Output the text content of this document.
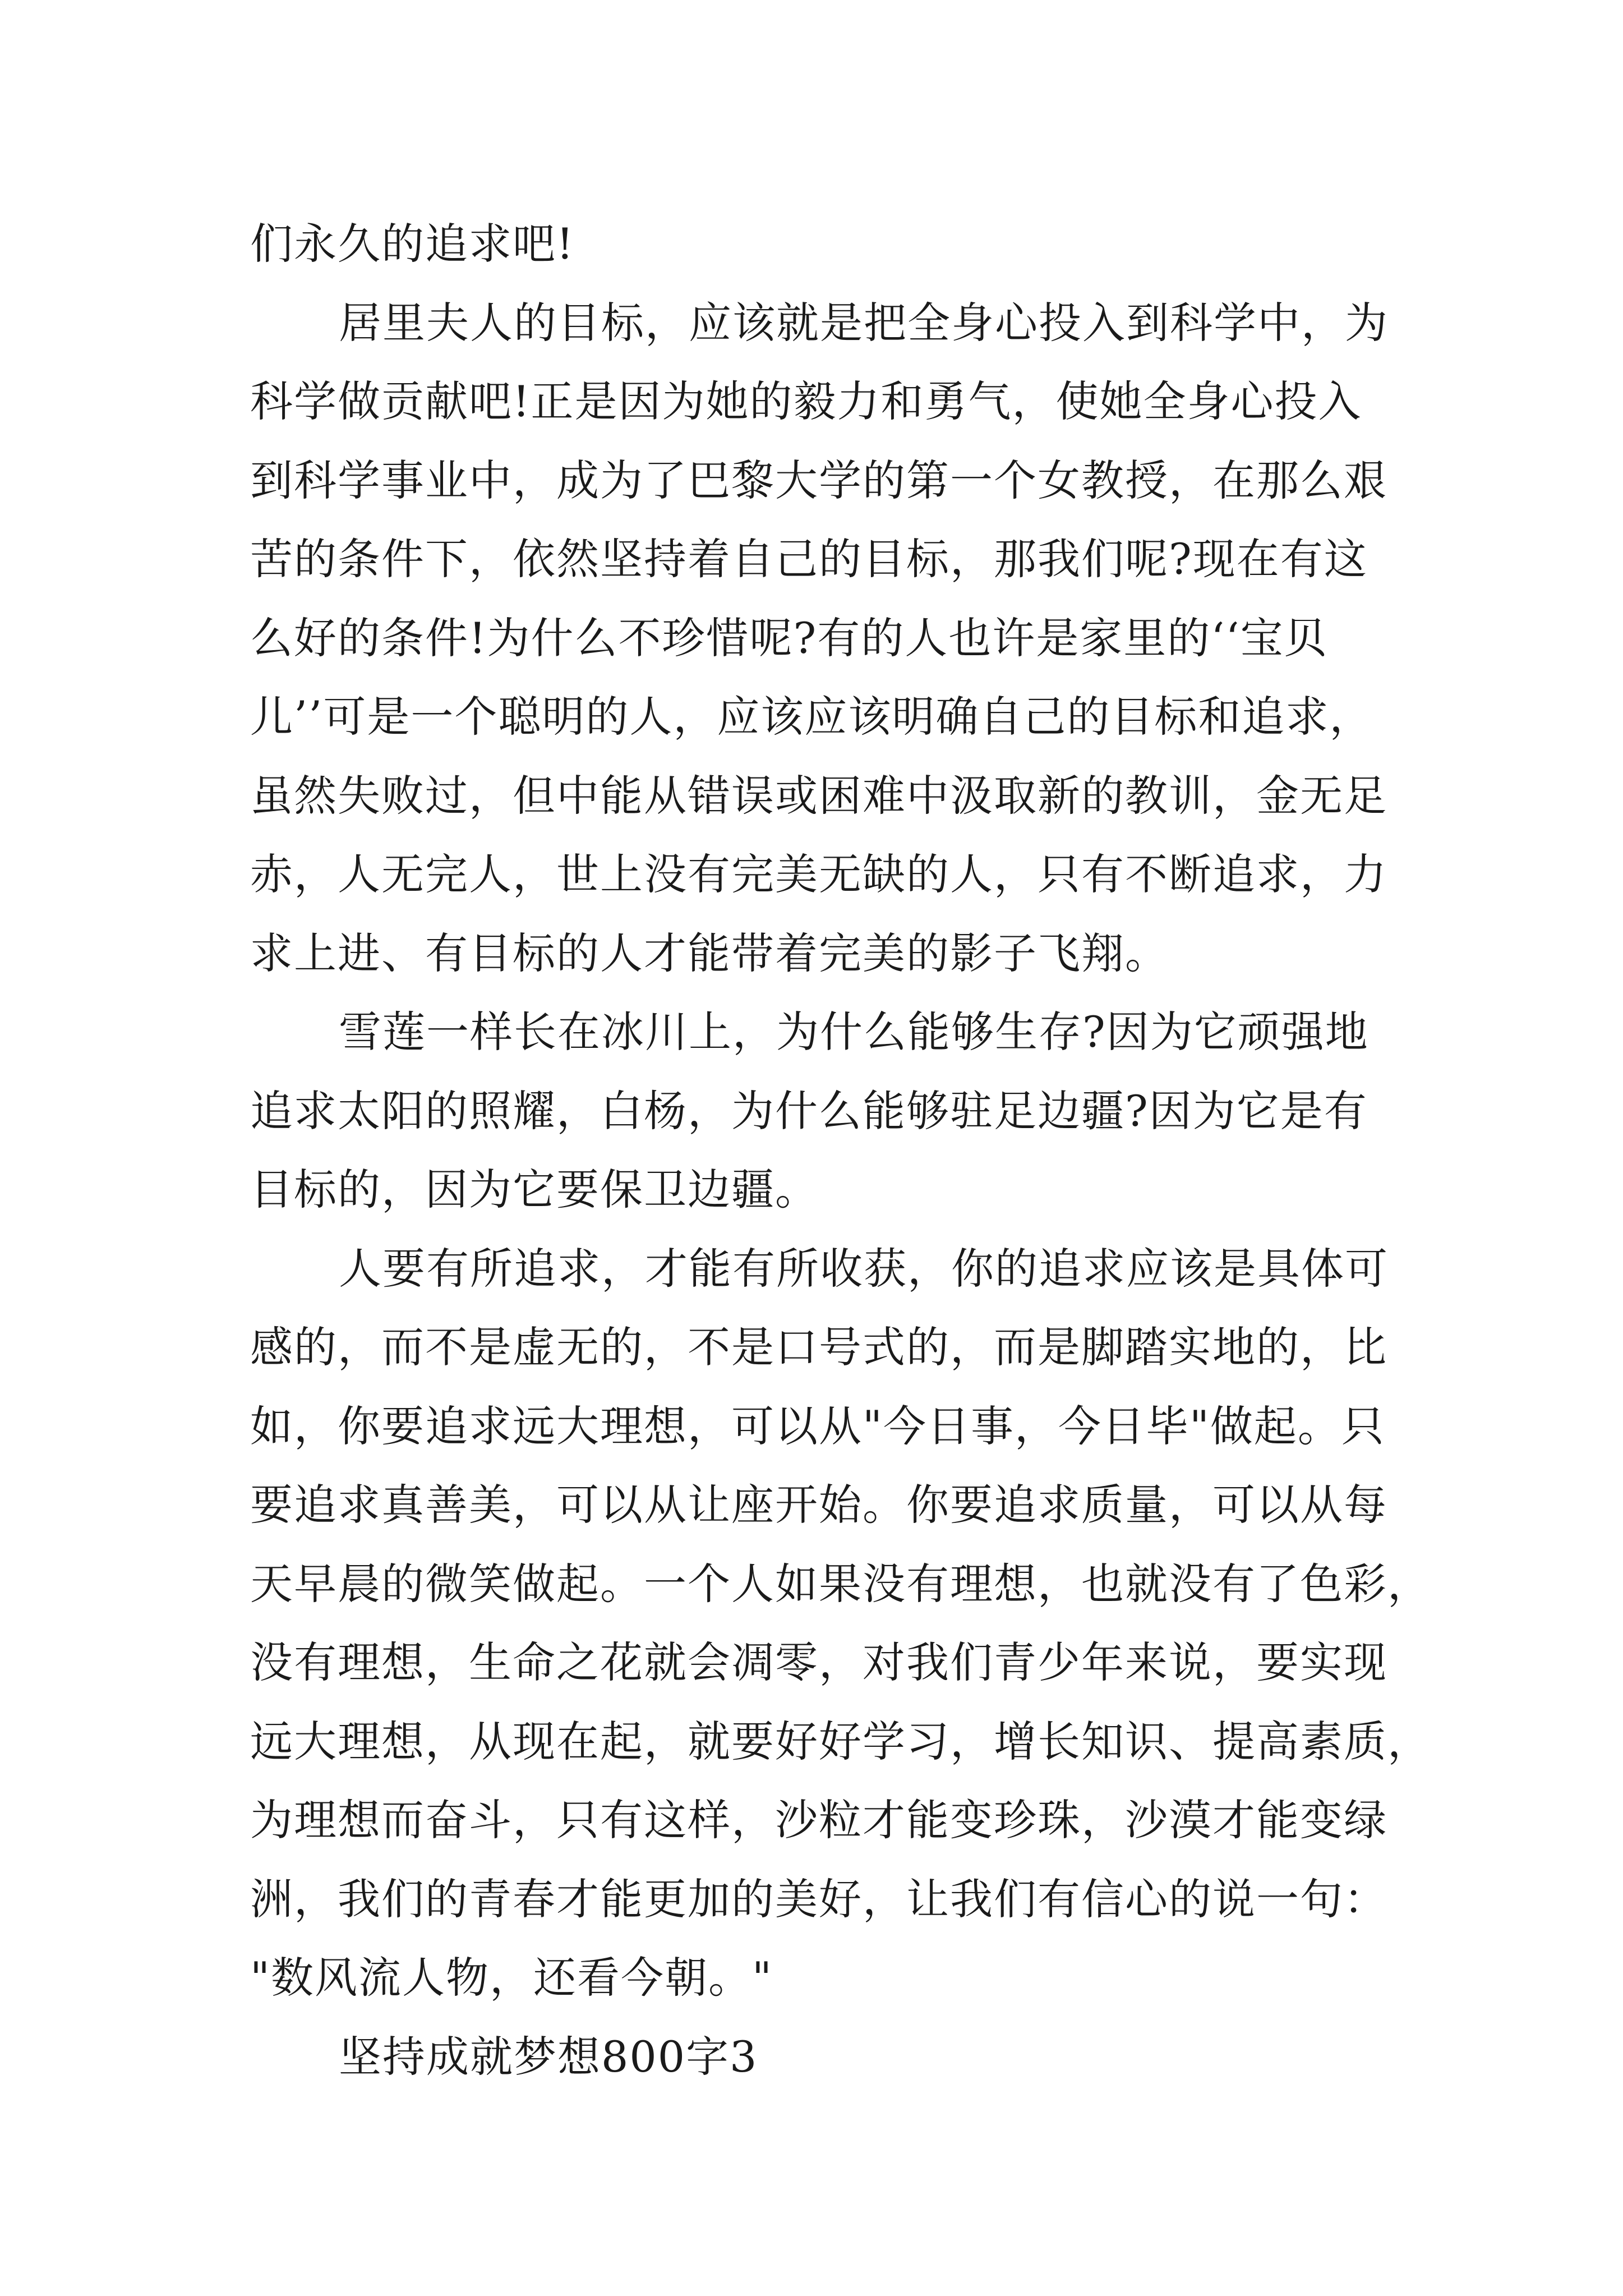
们永久的追求吧!
居里夫人的目标，应该就是把全身心投入到科学中，为
科学做贡献吧!正是因为她的毅力和勇气，使她全身心投入
到科学事业中，成为了巴黎大学的第一个女教授，在那么艰
苦的条件下，依然坚持着自己的目标，那我们呢?现在有这
么好的条件!为什么不珍惜呢?有的人也许是家里的‘‘宝贝
儿’’可是一个聪明的人，应该应该明确自己的目标和追求，
虽然失败过，但中能从错误或困难中汲取新的教训，金无足
赤，人无完人，世上没有完美无缺的人，只有不断追求，力
求上进、有目标的人才能带着完美的影子飞翔。
雪莲一样长在冰川上，为什么能够生存?因为它顽强地
追求太阳的照耀，白杨，为什么能够驻足边疆?因为它是有
目标的，因为它要保卫边疆。
人要有所追求，才能有所收获，你的追求应该是具体可
感的，而不是虚无的，不是口号式的，而是脚踏实地的，比
如，你要追求远大理想，可以从"今日事，今日毕"做起。只
要追求真善美，可以从让座开始。你要追求质量，可以从每
天早晨的微笑做起。一个人如果没有理想，也就没有了色彩，
没有理想，生命之花就会凋零，对我们青少年来说，要实现
远大理想，从现在起，就要好好学习，增长知识、提高素质，
为理想而奋斗，只有这样，沙粒才能变珍珠，沙漠才能变绿
洲，我们的青春才能更加的美好，让我们有信心的说一句：
"数风流人物，还看今朝。"
坚持成就梦想800字3
